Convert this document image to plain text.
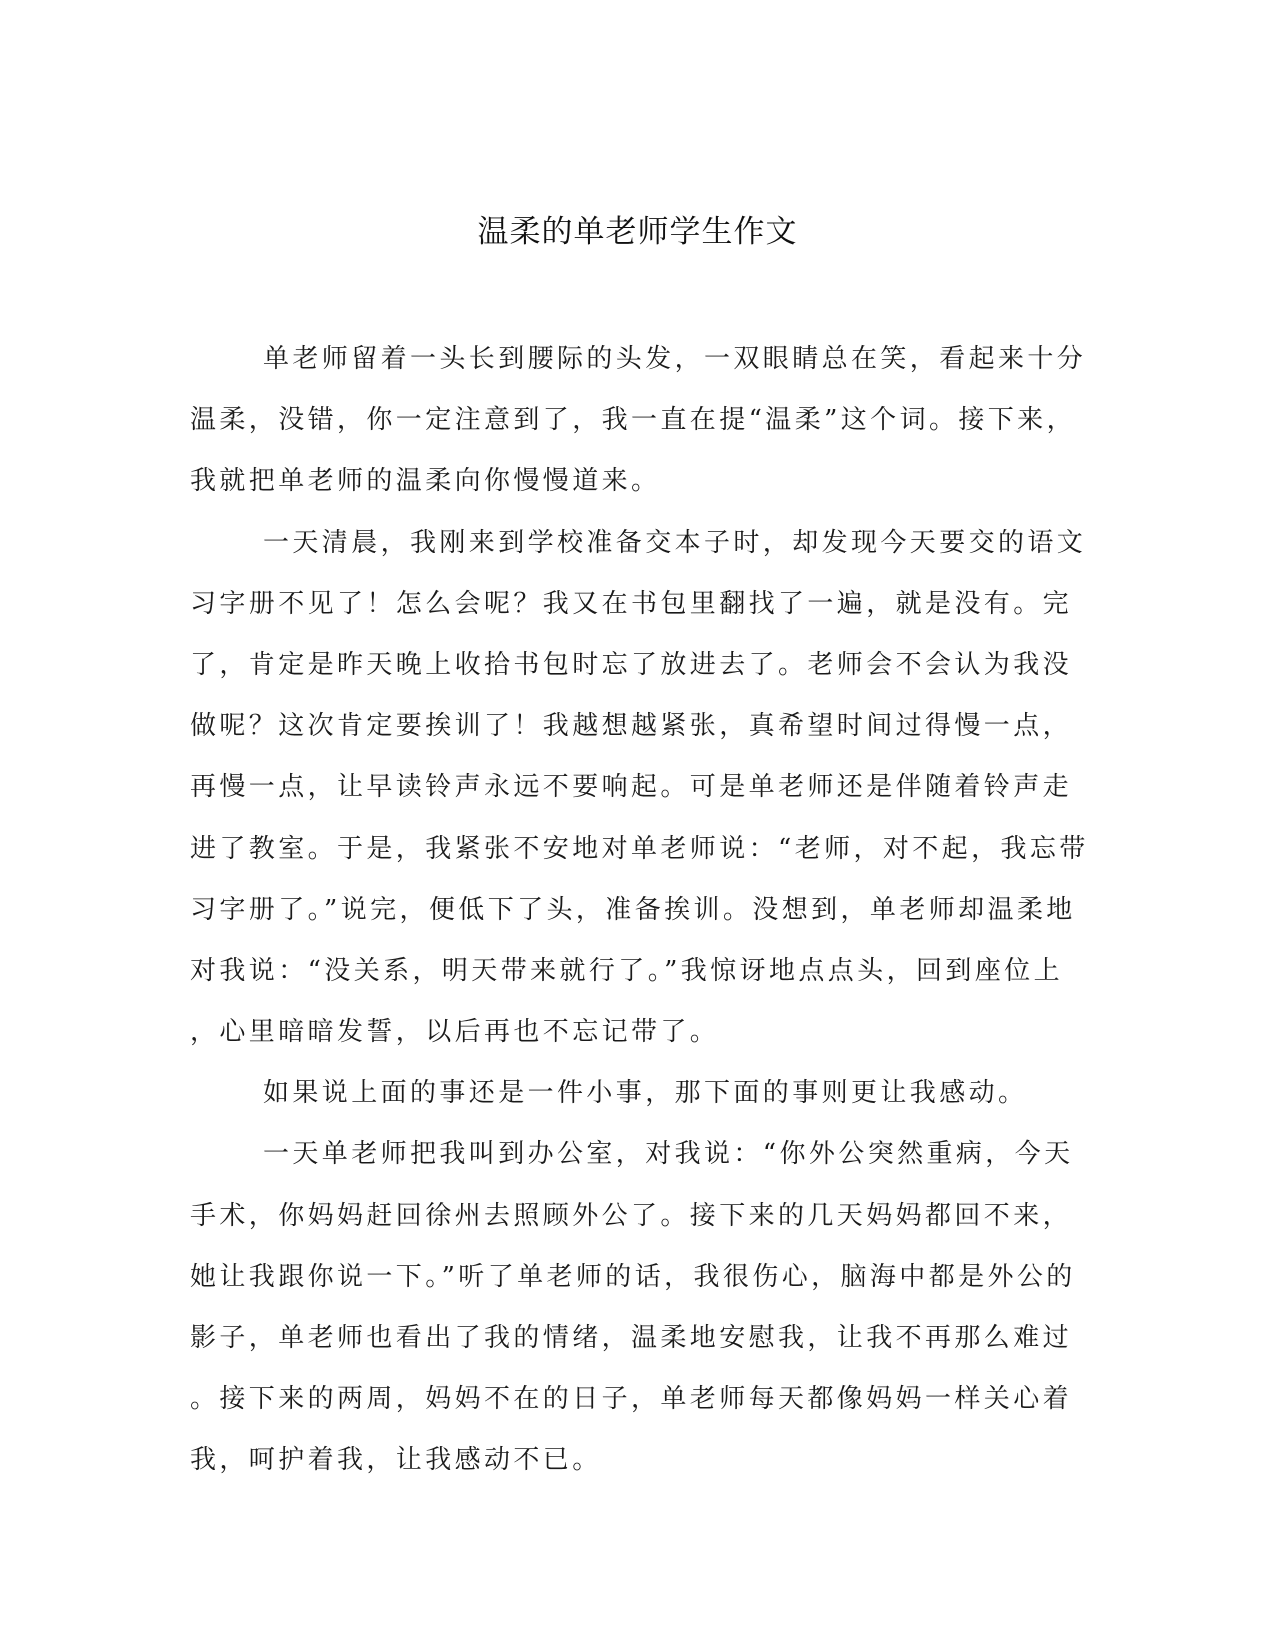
温柔的单老师学生作文

单老师留着一头长到腰际的头发，一双眼睛总在笑，看起来十分

温柔，没错，你一定注意到了，我一直在提“温柔”这个词。接下来，

我就把单老师的温柔向你慢慢道来。

一天清晨，我刚来到学校准备交本子时，却发现今天要交的语文

习字册不见了！怎么会呢？我又在书包里翻找了一遍，就是没有。完

了，肯定是昨天晚上收拾书包时忘了放进去了。老师会不会认为我没

做呢？这次肯定要挨训了！我越想越紧张，真希望时间过得慢一点，

再慢一点，让早读铃声永远不要响起。可是单老师还是伴随着铃声走

进了教室。于是，我紧张不安地对单老师说：“老师，对不起，我忘带

习字册了。”说完，便低下了头，准备挨训。没想到，单老师却温柔地

对我说：“没关系，明天带来就行了。”我惊讶地点点头，回到座位上

，心里暗暗发誓，以后再也不忘记带了。

如果说上面的事还是一件小事，那下面的事则更让我感动。

一天单老师把我叫到办公室，对我说：“你外公突然重病，今天

手术，你妈妈赶回徐州去照顾外公了。接下来的几天妈妈都回不来，

她让我跟你说一下。”听了单老师的话，我很伤心，脑海中都是外公的

影子，单老师也看出了我的情绪，温柔地安慰我，让我不再那么难过

。接下来的两周，妈妈不在的日子，单老师每天都像妈妈一样关心着

我，呵护着我，让我感动不已。
